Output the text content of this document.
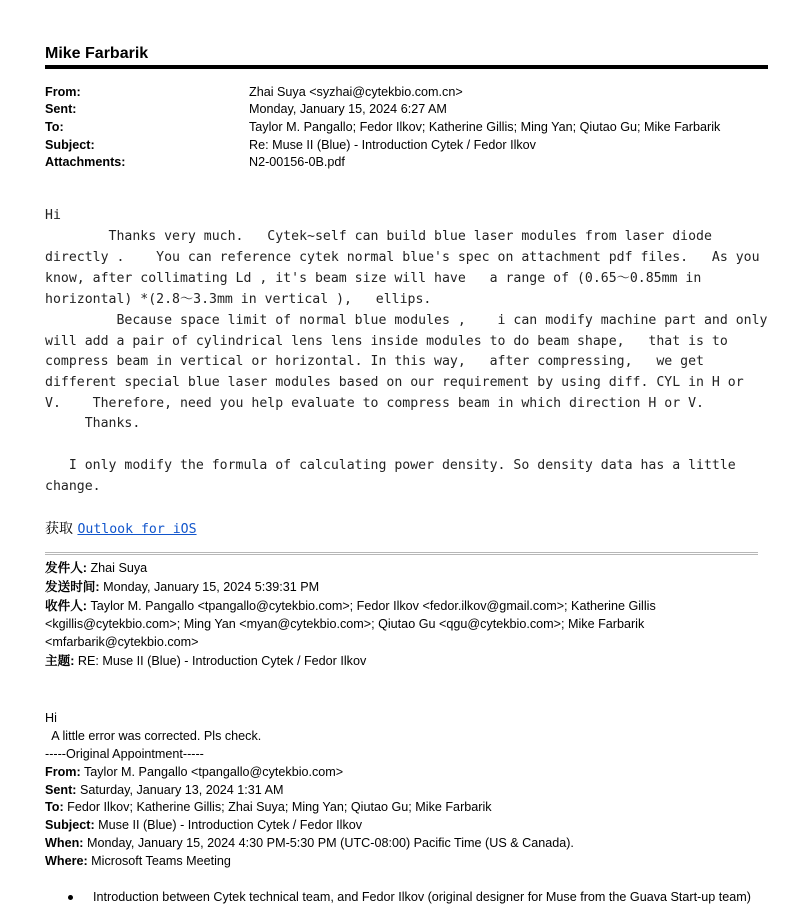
Mike Farbarik
From:	Zhai Suya <syzhai@cytekbio.com.cn>
Sent:	Monday, January 15, 2024 6:27 AM
To:	Taylor M. Pangallo; Fedor Ilkov; Katherine Gillis; Ming Yan; Qiutao Gu; Mike Farbarik
Subject:	Re: Muse II (Blue) - Introduction Cytek / Fedor Ilkov
Attachments:	N2-00156-0B.pdf
Hi
Thanks very much.   Cytek~self can build blue laser modules from laser diode
directly .    You can reference cytek normal blue's spec on attachment pdf files.   As you
know, after collimating Ld , it's beam size will have   a range of (0.65～0.85mm in
horizontal) *(2.8～3.3mm in vertical ),   ellips.
Because space limit of normal blue modules ,    i can modify machine part and only
will add a pair of cylindrical lens lens inside modules to do beam shape,   that is to
compress beam in vertical or horizontal. In this way,   after compressing,   we get
different special blue laser modules based on our requirement by using diff. CYL in H or
V.    Therefore, need you help evaluate to compress beam in which direction H or V.
Thanks.
I only modify the formula of calculating power density. So density data has a little
change.
获取 Outlook for iOS
发件人: Zhai Suya
发送时间: Monday, January 15, 2024 5:39:31 PM
收件人: Taylor M. Pangallo <tpangallo@cytekbio.com>; Fedor Ilkov <fedor.ilkov@gmail.com>; Katherine Gillis
<kgillis@cytekbio.com>; Ming Yan <myan@cytekbio.com>; Qiutao Gu <qgu@cytekbio.com>; Mike Farbarik
<mfarbarik@cytekbio.com>
主题: RE: Muse II (Blue) - Introduction Cytek / Fedor Ilkov
Hi
A little error was corrected. Pls check.
-----Original Appointment-----
From: Taylor M. Pangallo <tpangallo@cytekbio.com>
Sent: Saturday, January 13, 2024 1:31 AM
To: Fedor Ilkov; Katherine Gillis; Zhai Suya; Ming Yan; Qiutao Gu; Mike Farbarik
Subject: Muse II (Blue) - Introduction Cytek / Fedor Ilkov
When: Monday, January 15, 2024 4:30 PM-5:30 PM (UTC-08:00) Pacific Time (US & Canada).
Where: Microsoft Teams Meeting
Introduction between Cytek technical team, and Fedor Ilkov (original designer for Muse from the Guava Start-up team)
